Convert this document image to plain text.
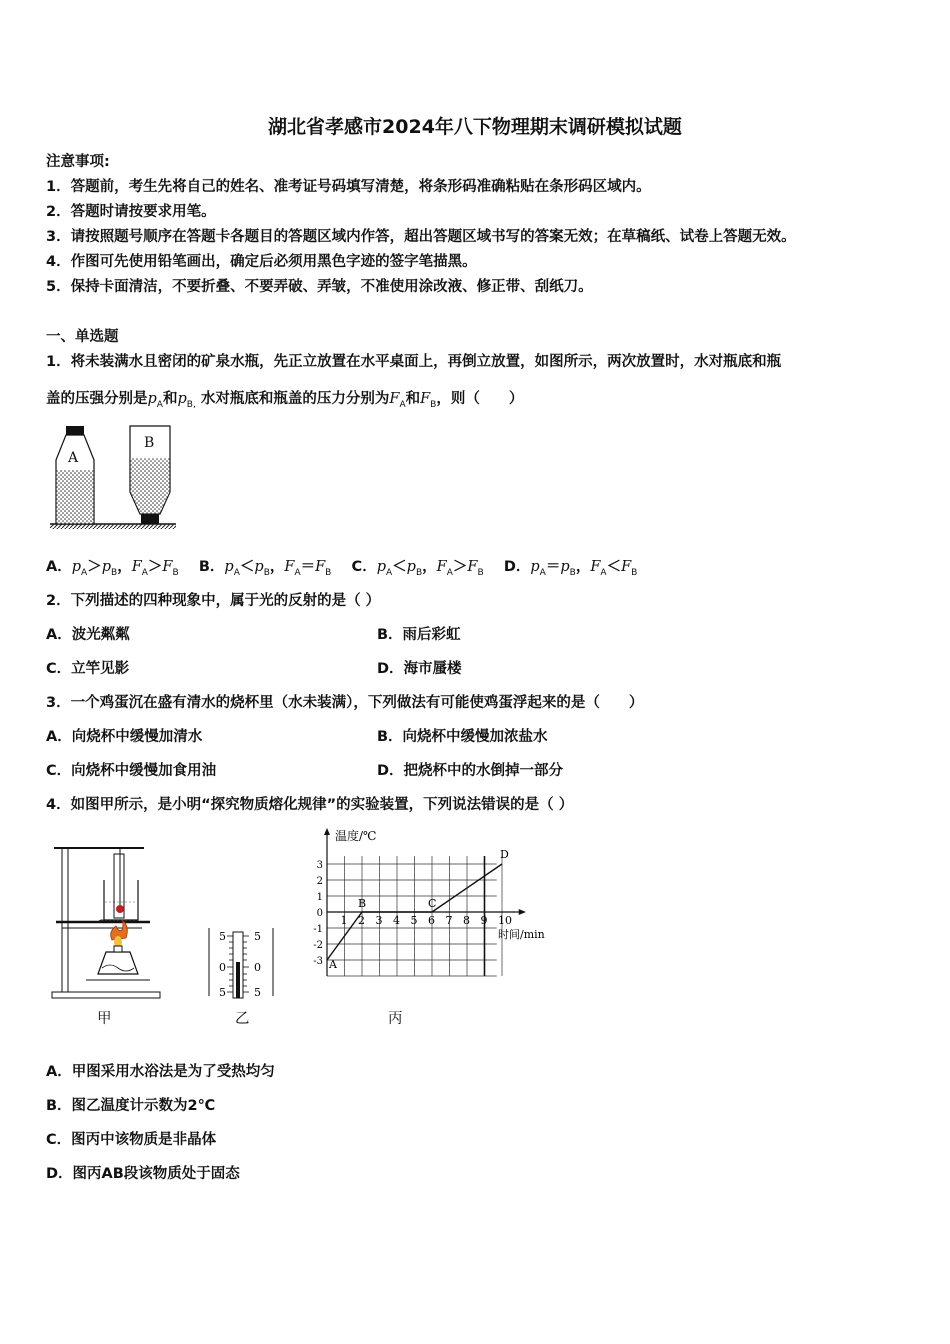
湖北省孝感市2024年八下物理期末调研模拟试题
注意事项:
1．答题前，考生先将自己的姓名、准考证号码填写清楚，将条形码准确粘贴在条形码区域内。
2．答题时请按要求用笔。
3．请按照题号顺序在答题卡各题目的答题区域内作答，超出答题区域书写的答案无效；在草稿纸、试卷上答题无效。
4．作图可先使用铅笔画出，确定后必须用黑色字迹的签字笔描黑。
5．保持卡面清洁，不要折叠、不要弄破、弄皱，不准使用涂改液、修正带、刮纸刀。
一、单选题
1．将未装满水且密闭的矿泉水瓶，先正立放置在水平桌面上，再倒立放置，如图所示，两次放置时，水对瓶底和瓶
盖的压强分别是$p_A$和$p_{B,}$ 水对瓶底和瓶盖的压力分别为$F_A$和$F_B$，则（　　）
A
B
A．$p_A>p_B$，$F_A>F_B$    B．$p_A<p_B$，$F_A=F_B$    C．$p_A<p_B$，$F_A>F_B$    D．$p_A=p_B$，$F_A<F_B$
2．下列描述的四种现象中，属于光的反射的是（ ）
A．波光粼粼	B．雨后彩虹
C．立竿见影	D．海市蜃楼
3．一个鸡蛋沉在盛有清水的烧杯里（水未装满），下列做法有可能使鸡蛋浮起来的是（　　）
A．向烧杯中缓慢加清水	B．向烧杯中缓慢加浓盐水
C．向烧杯中缓慢加食用油	D．把烧杯中的水倒掉一部分
4．如图甲所示，是小明“探究物质熔化规律”的实验装置，下列说法错误的是（ ）
5
0
5
5
0
5
1 2 3 4 5 6 7 8 9 10
3
2
1
0
-1
-2
-3 A
B	C
D
温度/℃
时间/min
甲	乙	丙
A．甲图采用水浴法是为了受热均匀
B．图乙温度计示数为2℃
C．图丙中该物质是非晶体
D．图丙AB段该物质处于固态
